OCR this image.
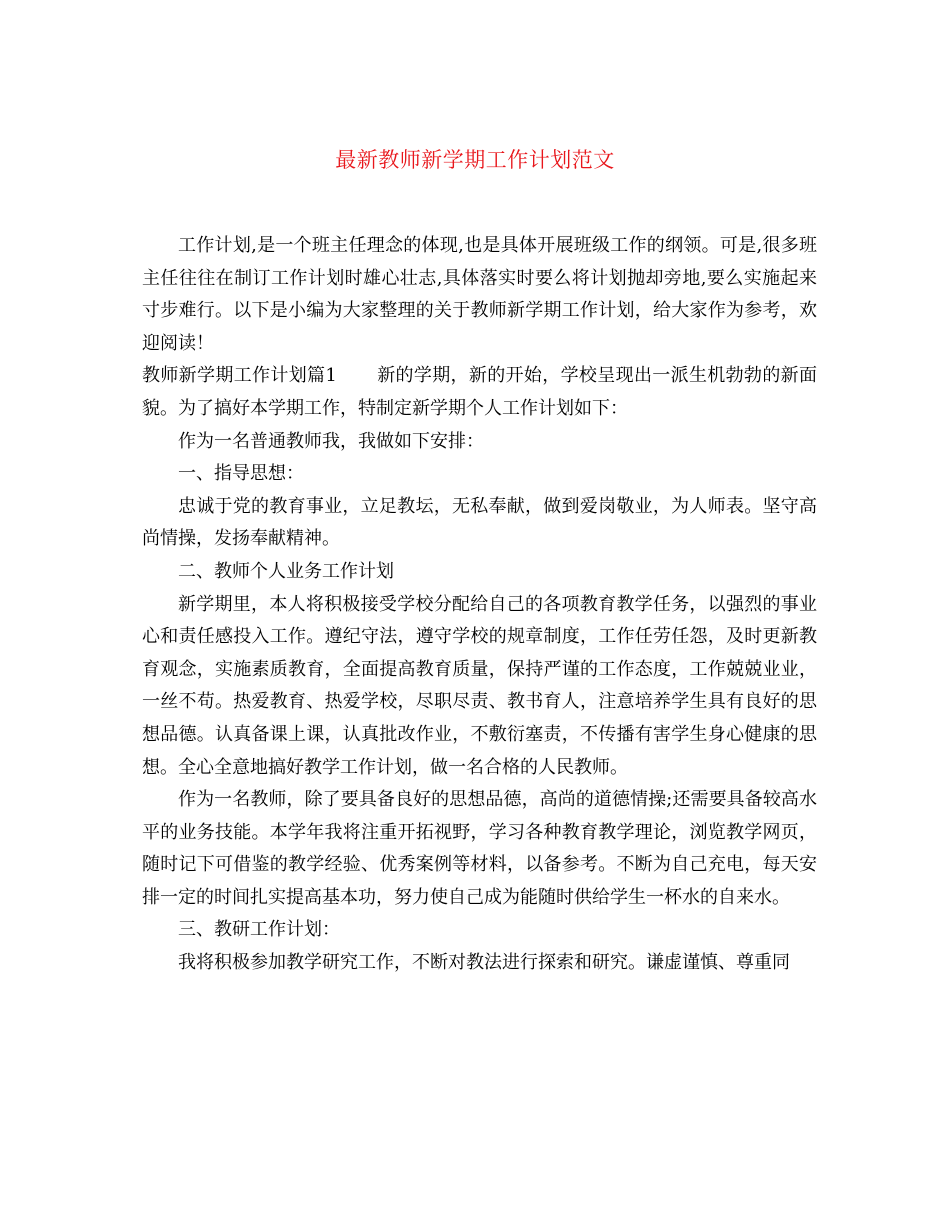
最新教师新学期工作计划范文

工作计划,是一个班主任理念的体现,也是具体开展班级工作的纲领。可是,很多班主任往往在制订工作计划时雄心壮志,具体落实时要么将计划抛却旁地,要么实施起来寸步难行。以下是小编为大家整理的关于教师新学期工作计划，给大家作为参考，欢迎阅读！

教师新学期工作计划篇1 新的学期，新的开始，学校呈现出一派生机勃勃的新面貌。为了搞好本学期工作，特制定新学期个人工作计划如下：

作为一名普通教师我，我做如下安排：

一、指导思想：

忠诚于党的教育事业，立足教坛，无私奉献，做到爱岗敬业，为人师表。坚守高尚情操，发扬奉献精神。

二、教师个人业务工作计划

新学期里，本人将积极接受学校分配给自己的各项教育教学任务，以强烈的事业心和责任感投入工作。遵纪守法，遵守学校的规章制度，工作任劳任怨，及时更新教育观念，实施素质教育，全面提高教育质量，保持严谨的工作态度，工作兢兢业业，一丝不苟。热爱教育、热爱学校，尽职尽责、教书育人，注意培养学生具有良好的思想品德。认真备课上课，认真批改作业，不敷衍塞责，不传播有害学生身心健康的思想。全心全意地搞好教学工作计划，做一名合格的人民教师。

作为一名教师，除了要具备良好的思想品德，高尚的道德情操;还需要具备较高水平的业务技能。本学年我将注重开拓视野，学习各种教育教学理论，浏览教学网页，随时记下可借鉴的教学经验、优秀案例等材料，以备参考。不断为自己充电，每天安排一定的时间扎实提高基本功，努力使自己成为能随时供给学生一杯水的自来水。

三、教研工作计划：

我将积极参加教学研究工作，不断对教法进行探索和研究。谦虚谨慎、尊重同
